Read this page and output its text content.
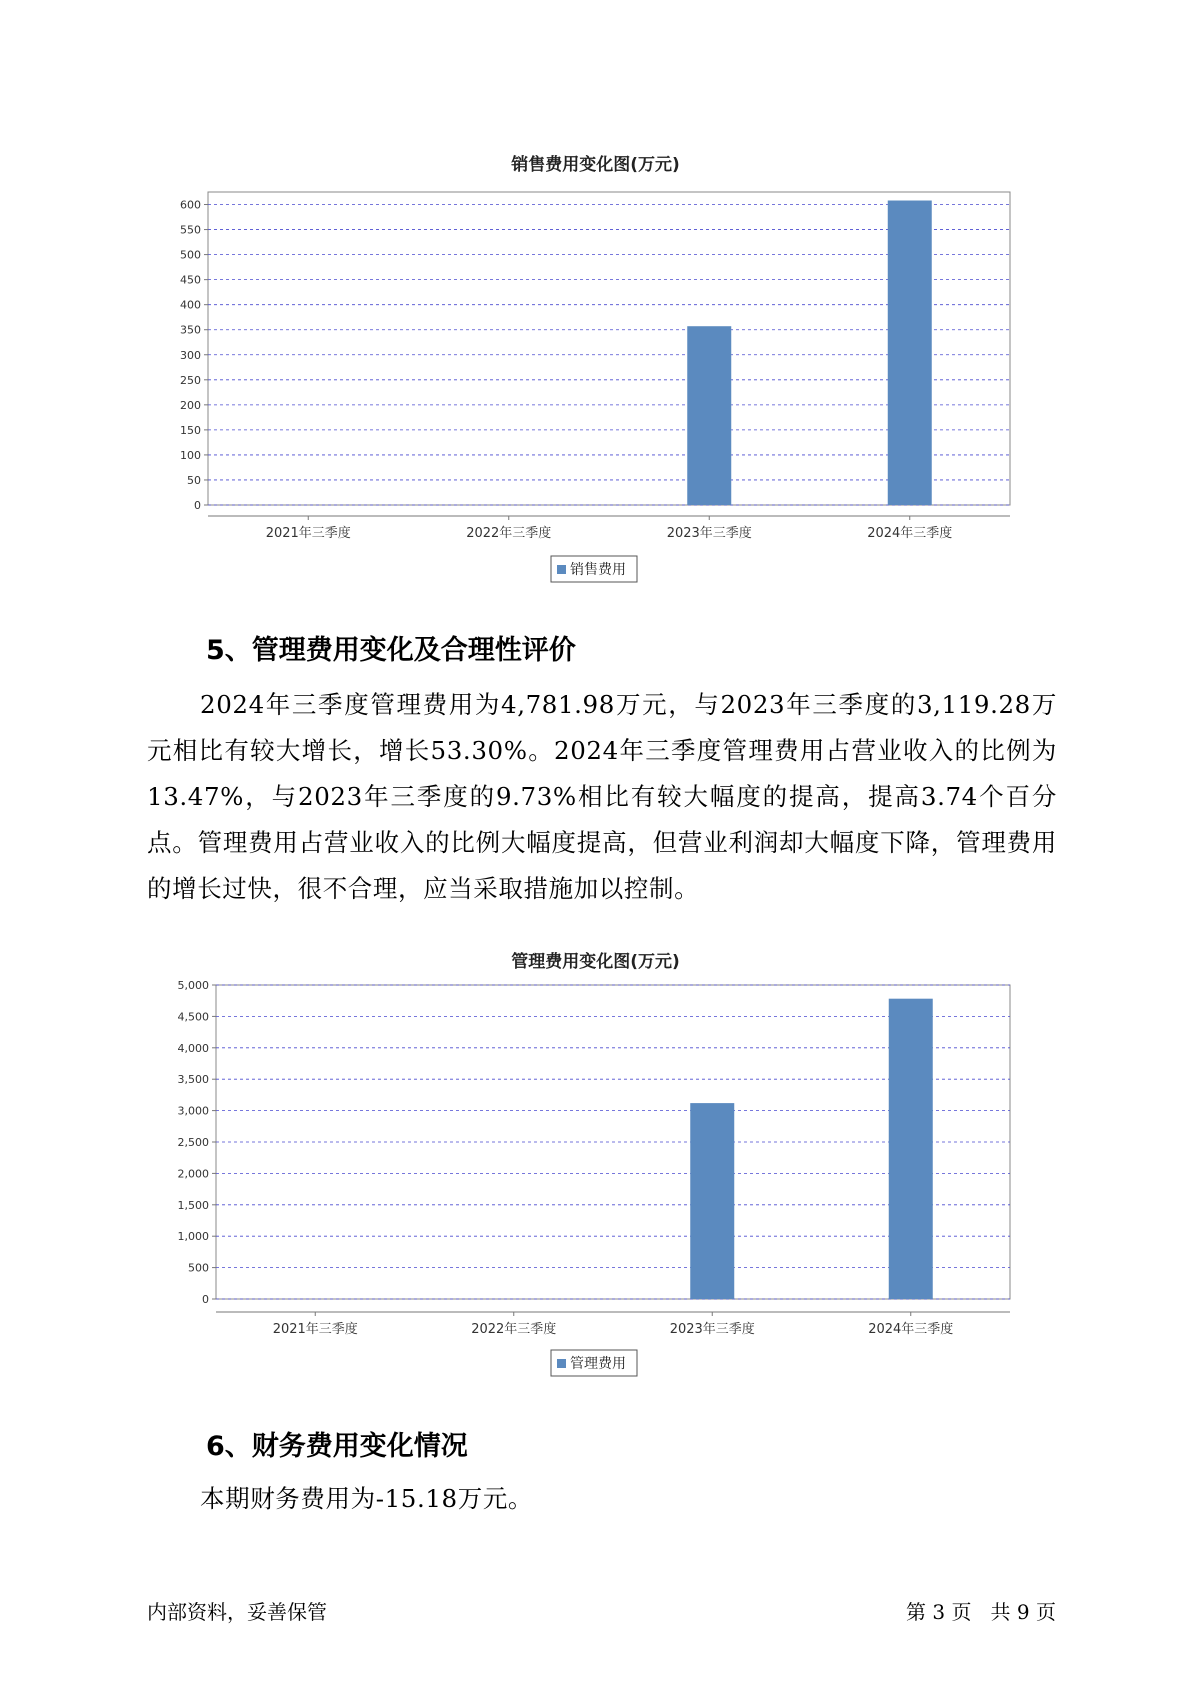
销售费用变化图(万元)
0
50
100
150
200
250
300
350
400
450
500
550
600
2021年三季度	2022年三季度	2023年三季度	2024年三季度
销售费用
5、管理费用变化及合理性评价
2024年三季度管理费用为4,781.98万元，与2023年三季度的3,119.28万元相比有较大增长，增长53.30%。2024年三季度管理费用占营业收入的比例为13.47%，与2023年三季度的9.73%相比有较大幅度的提高，提高3.74个百分点。管理费用占营业收入的比例大幅度提高，但营业利润却大幅度下降，管理费用的增长过快，很不合理，应当采取措施加以控制。
管理费用变化图(万元)
0
500
1,000
1,500
2,000
2,500
3,000
3,500
4,000
4,500
5,000
2021年三季度	2022年三季度	2023年三季度	2024年三季度
管理费用
6、财务费用变化情况
本期财务费用为-15.18万元。
内部资料，妥善保管	第 3 页   共 9 页
